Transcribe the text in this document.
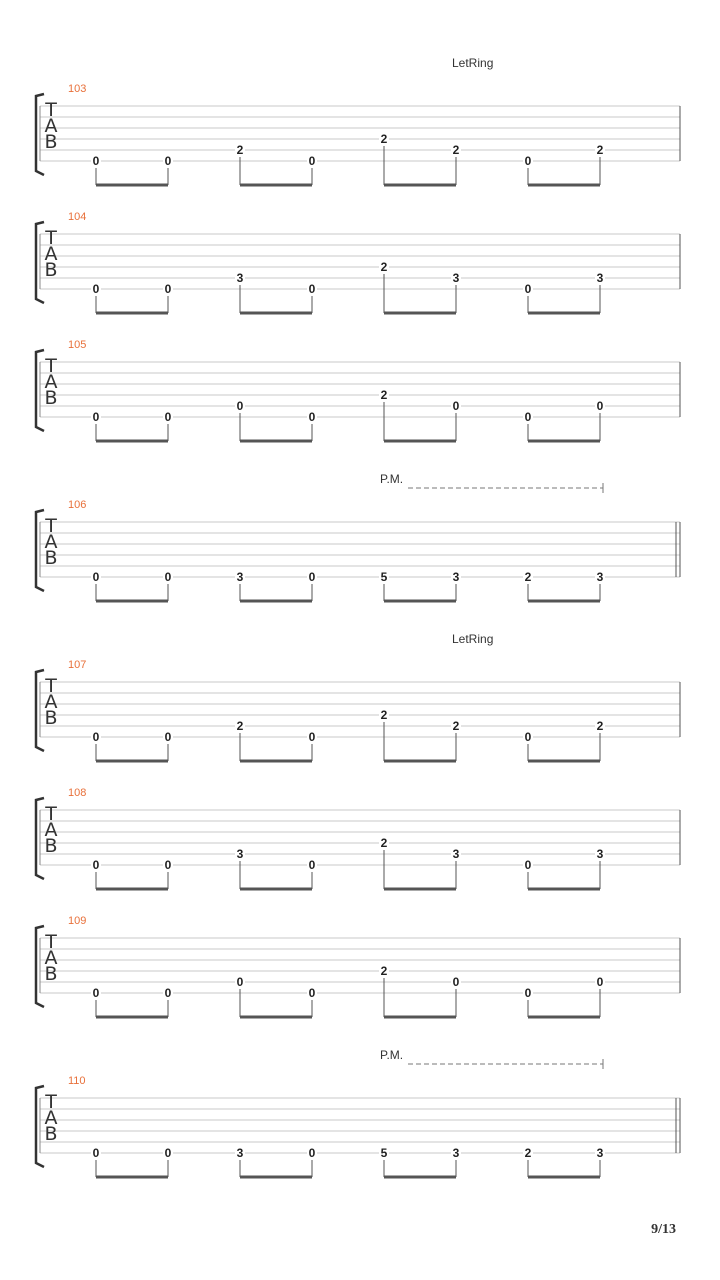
103
LetRing
T
A
B
0	0
2
0
2
2
0
2
104
T
A
B
0	0
3
0
2
3
0
3
105
T
A
B
0	0
0
0
2
0
0
0
106
P.M.
T
A
B
0	0	3	0	5	3	2	3
107
LetRing
T
A
B
0	0
2
0
2
2
0
2
108
T
A
B
0	0
3
0
2
3
0
3
109
T
A
B
0	0
0
0
2
0
0
0
110
P.M.
T
A
B
0	0	3	0	5	3	2	3
9/13
